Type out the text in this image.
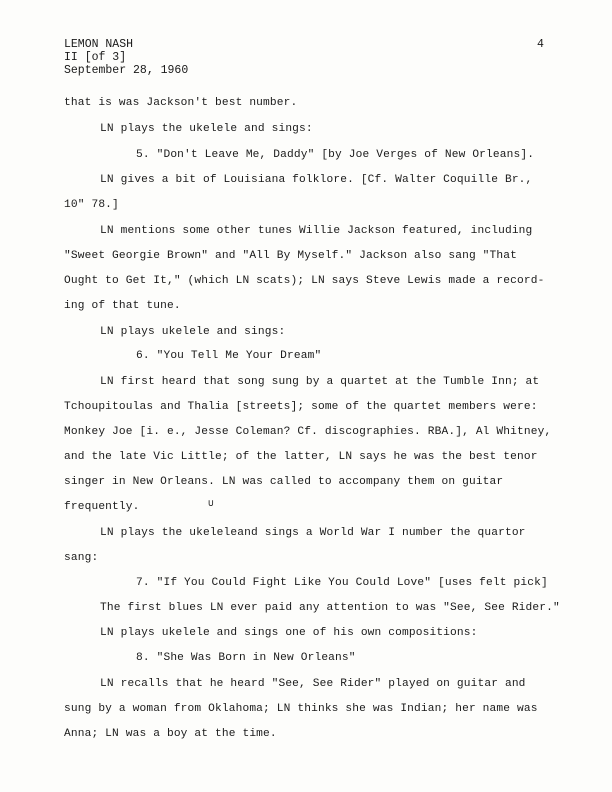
LEMON NASH
II [of 3]
September 28, 1960
4
that is was Jackson't best number.
LN plays the ukelele and sings:
5. "Don't Leave Me, Daddy" [by Joe Verges of New Orleans].
LN gives a bit of Louisiana folklore. [Cf. Walter Coquille Br.,
10" 78.]
LN mentions some other tunes Willie Jackson featured, including
"Sweet Georgie Brown" and "All By Myself." Jackson also sang "That
Ought to Get It," (which LN scats); LN says Steve Lewis made a record-
ing of that tune.
LN plays ukelele and sings:
6. "You Tell Me Your Dream"
LN first heard that song sung by a quartet at the Tumble Inn; at
Tchoupitoulas and Thalia [streets]; some of the quartet members were:
Monkey Joe [i. e., Jesse Coleman? Cf. discographies. RBA.], Al Whitney,
and the late Vic Little; of the latter, LN says he was the best tenor
singer in New Orleans. LN was called to accompany them on guitar
frequently.
LN plays the ukeleleand sings a World War I number the quartor
sang:
7. "If You Could Fight Like You Could Love" [uses felt pick]
The first blues LN ever paid any attention to was "See, See Rider."
LN plays ukelele and sings one of his own compositions:
8. "She Was Born in New Orleans"
LN recalls that he heard "See, See Rider" played on guitar and
sung by a woman from Oklahoma; LN thinks she was Indian; her name was
Anna; LN was a boy at the time.
∪
